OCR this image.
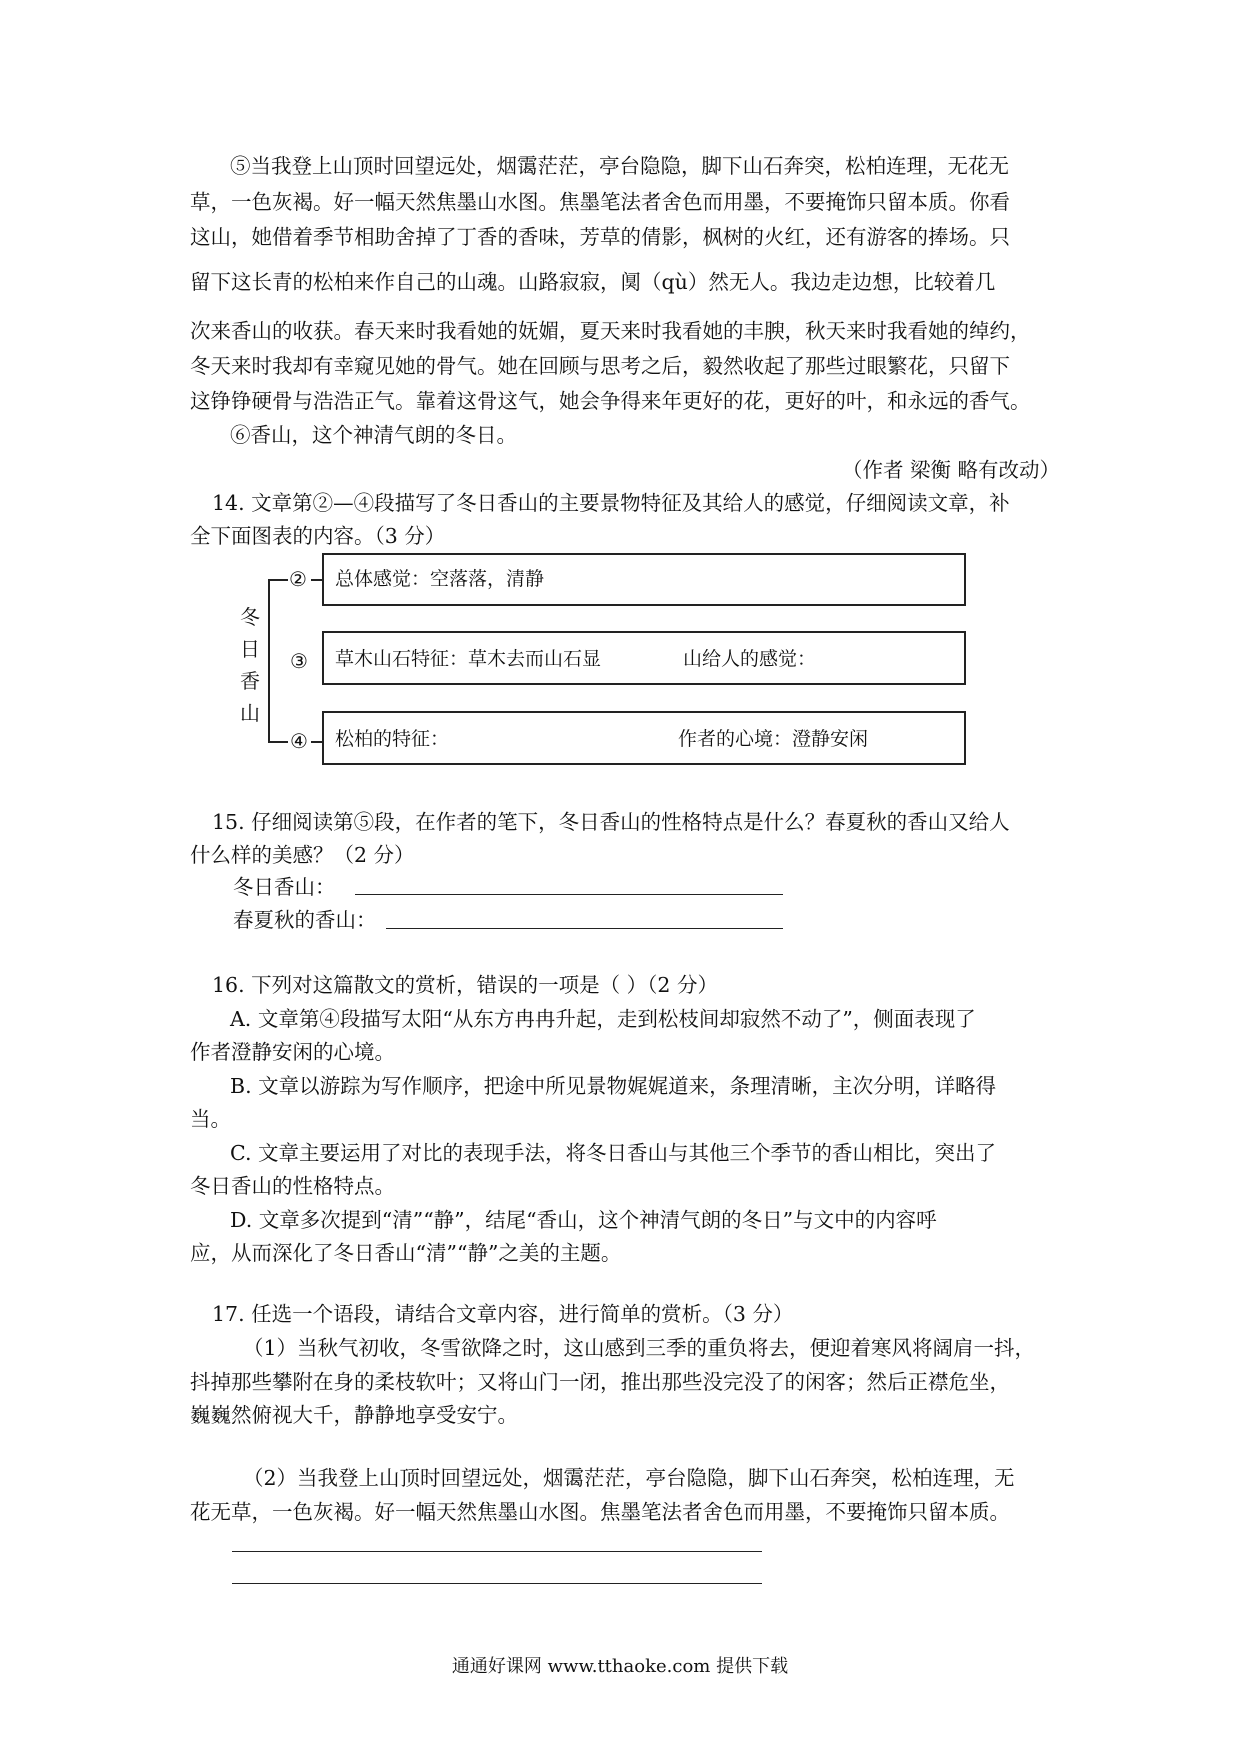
⑤当我登上山顶时回望远处，烟霭茫茫，亭台隐隐，脚下山石奔突，松柏连理，无花无
草，一色灰褐。好一幅天然焦墨山水图。焦墨笔法者舍色而用墨，不要掩饰只留本质。你看
这山，她借着季节相助舍掉了丁香的香味，芳草的倩影，枫树的火红，还有游客的捧场。只
留下这长青的松柏来作自己的山魂。山路寂寂，阒（qù）然无人。我边走边想，比较着几
次来香山的收获。春天来时我看她的妩媚，夏天来时我看她的丰腴，秋天来时我看她的绰约，
冬天来时我却有幸窥见她的骨气。她在回顾与思考之后，毅然收起了那些过眼繁花，只留下
这铮铮硬骨与浩浩正气。靠着这骨这气，她会争得来年更好的花，更好的叶，和永远的香气。
⑥香山，这个神清气朗的冬日。
（作者 梁衡 略有改动）
14. 文章第②—④段描写了冬日香山的主要景物特征及其给人的感觉，仔细阅读文章，补
全下面图表的内容。（3 分）
冬
日
香
山
② 总体感觉：空落落，清静
③ 草木山石特征：草木去而山石显	山给人的感觉：
④ 松柏的特征：	作者的心境：澄静安闲
15. 仔细阅读第⑤段，在作者的笔下，冬日香山的性格特点是什么？春夏秋的香山又给人
什么样的美感？（2 分）
冬日香山：
春夏秋的香山：
16. 下列对这篇散文的赏析，错误的一项是（ ）（2 分）
A. 文章第④段描写太阳“从东方冉冉升起，走到松枝间却寂然不动了”，侧面表现了
作者澄静安闲的心境。
B. 文章以游踪为写作顺序，把途中所见景物娓娓道来，条理清晰，主次分明，详略得
当。
C. 文章主要运用了对比的表现手法，将冬日香山与其他三个季节的香山相比，突出了
冬日香山的性格特点。
D. 文章多次提到“清”“静”，结尾“香山，这个神清气朗的冬日”与文中的内容呼
应，从而深化了冬日香山“清”“静”之美的主题。
17. 任选一个语段，请结合文章内容，进行简单的赏析。（3 分）
（1）当秋气初收，冬雪欲降之时，这山感到三季的重负将去，便迎着寒风将阔肩一抖，
抖掉那些攀附在身的柔枝软叶；又将山门一闭，推出那些没完没了的闲客；然后正襟危坐，
巍巍然俯视大千，静静地享受安宁。
（2）当我登上山顶时回望远处，烟霭茫茫，亭台隐隐，脚下山石奔突，松柏连理，无
花无草，一色灰褐。好一幅天然焦墨山水图。焦墨笔法者舍色而用墨，不要掩饰只留本质。
通通好课网 www.tthaoke.com 提供下载
